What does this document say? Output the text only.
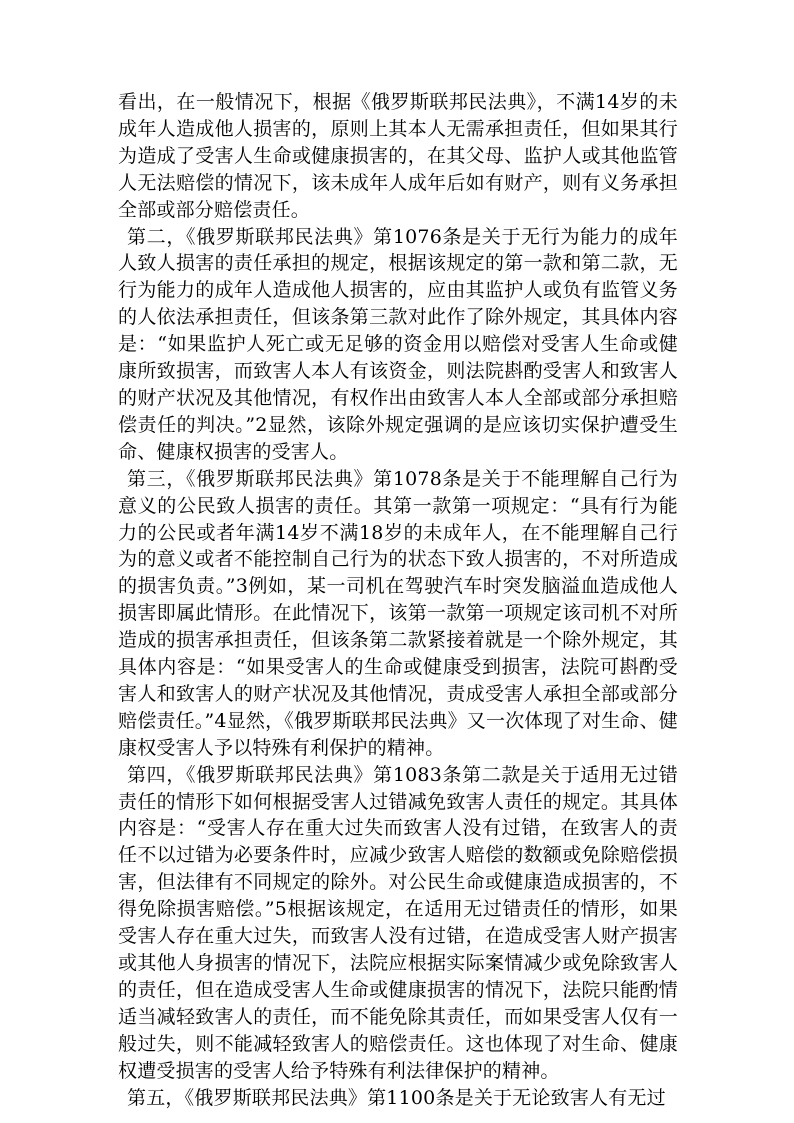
看出，在一般情况下，根据《俄罗斯联邦民法典》，不满14岁的未成年人造成他人损害的，原则上其本人无需承担责任，但如果其行为造成了受害人生命或健康损害的，在其父母、监护人或其他监管人无法赔偿的情况下，该未成年人成年后如有财产，则有义务承担全部或部分赔偿责任。

第二，《俄罗斯联邦民法典》第1076条是关于无行为能力的成年人致人损害的责任承担的规定，根据该规定的第一款和第二款，无行为能力的成年人造成他人损害的，应由其监护人或负有监管义务的人依法承担责任，但该条第三款对此作了除外规定，其具体内容是：“如果监护人死亡或无足够的资金用以赔偿对受害人生命或健康所致损害，而致害人本人有该资金，则法院斟酌受害人和致害人的财产状况及其他情况，有权作出由致害人本人全部或部分承担赔偿责任的判决。”2显然，该除外规定强调的是应该切实保护遭受生命、健康权损害的受害人。

第三，《俄罗斯联邦民法典》第1078条是关于不能理解自己行为意义的公民致人损害的责任。其第一款第一项规定：“具有行为能力的公民或者年满14岁不满18岁的未成年人，在不能理解自己行为的意义或者不能控制自己行为的状态下致人损害的，不对所造成的损害负责。”3例如，某一司机在驾驶汽车时突发脑溢血造成他人损害即属此情形。在此情况下，该第一款第一项规定该司机不对所造成的损害承担责任，但该条第二款紧接着就是一个除外规定，其具体内容是：“如果受害人的生命或健康受到损害，法院可斟酌受害人和致害人的财产状况及其他情况，责成受害人承担全部或部分赔偿责任。”4显然，《俄罗斯联邦民法典》又一次体现了对生命、健康权受害人予以特殊有利保护的精神。

第四，《俄罗斯联邦民法典》第1083条第二款是关于适用无过错责任的情形下如何根据受害人过错减免致害人责任的规定。其具体内容是：“受害人存在重大过失而致害人没有过错，在致害人的责任不以过错为必要条件时，应减少致害人赔偿的数额或免除赔偿损害，但法律有不同规定的除外。对公民生命或健康造成损害的，不得免除损害赔偿。”5根据该规定，在适用无过错责任的情形，如果受害人存在重大过失，而致害人没有过错，在造成受害人财产损害或其他人身损害的情况下，法院应根据实际案情减少或免除致害人的责任，但在造成受害人生命或健康损害的情况下，法院只能酌情适当减轻致害人的责任，而不能免除其责任，而如果受害人仅有一般过失，则不能减轻致害人的赔偿责任。这也体现了对生命、健康权遭受损害的受害人给予特殊有利法律保护的精神。

第五，《俄罗斯联邦民法典》第1100条是关于无论致害人有无过
